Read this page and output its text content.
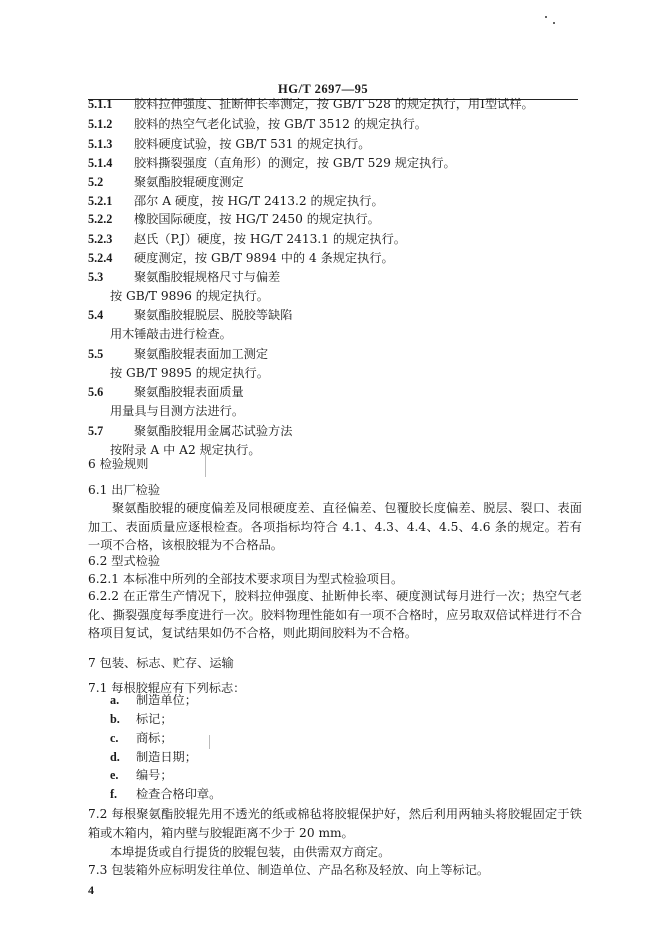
HG/T 2697—95
5.1.1 胶料拉伸强度、扯断伸长率测定，按 GB/T 528 的规定执行，用Ⅰ型试样。
5.1.2 胶料的热空气老化试验，按 GB/T 3512 的规定执行。
5.1.3 胶料硬度试验，按 GB/T 531 的规定执行。
5.1.4 胶料撕裂强度（直角形）的测定，按 GB/T 529 规定执行。
5.2	聚氨酯胶辊硬度测定
5.2.1 邵尔 A 硬度，按 HG/T 2413.2 的规定执行。
5.2.2 橡胶国际硬度，按 HG/T 2450 的规定执行。
5.2.3 赵氏（P.J）硬度，按 HG/T 2413.1 的规定执行。
5.2.4 硬度测定，按 GB/T 9894 中的 4 条规定执行。
5.3	聚氨酯胶辊规格尺寸与偏差
按 GB/T 9896 的规定执行。
5.4	聚氨酯胶辊脱层、脱胶等缺陷
用木锤敲击进行检查。
5.5	聚氨酯胶辊表面加工测定
按 GB/T 9895 的规定执行。
5.6	聚氨酯胶辊表面质量
用量具与目测方法进行。
5.7	聚氨酯胶辊用金属芯试验方法
按附录 A 中 A2 规定执行。
6 检验规则
6.1 出厂检验
聚氨酯胶辊的硬度偏差及同根硬度差、直径偏差、包覆胶长度偏差、脱层、裂口、表面加工、表面质量应逐根检查。各项指标均符合 4.1、4.3、4.4、4.5、4.6 条的规定。若有一项不合格，该根胶辊为不合格品。
6.2 型式检验
6.2.1 本标准中所列的全部技术要求项目为型式检验项目。
6.2.2 在正常生产情况下，胶料拉伸强度、扯断伸长率、硬度测试每月进行一次；热空气老化、撕裂强度每季度进行一次。胶料物理性能如有一项不合格时，应另取双倍试样进行不合格项目复试，复试结果如仍不合格，则此期间胶料为不合格。
7 包装、标志、贮存、运输
7.1 每根胶辊应有下列标志：
a. 制造单位；
b. 标记；
c. 商标；
d. 制造日期；
e. 编号；
f. 检查合格印章。
7.2 每根聚氨酯胶辊先用不透光的纸或棉毡将胶辊保护好，然后利用两轴头将胶辊固定于铁箱或木箱内，箱内壁与胶辊距离不少于 20 mm。
本埠提货或自行提货的胶辊包装，由供需双方商定。
7.3 包装箱外应标明发往单位、制造单位、产品名称及轻放、向上等标记。
4
